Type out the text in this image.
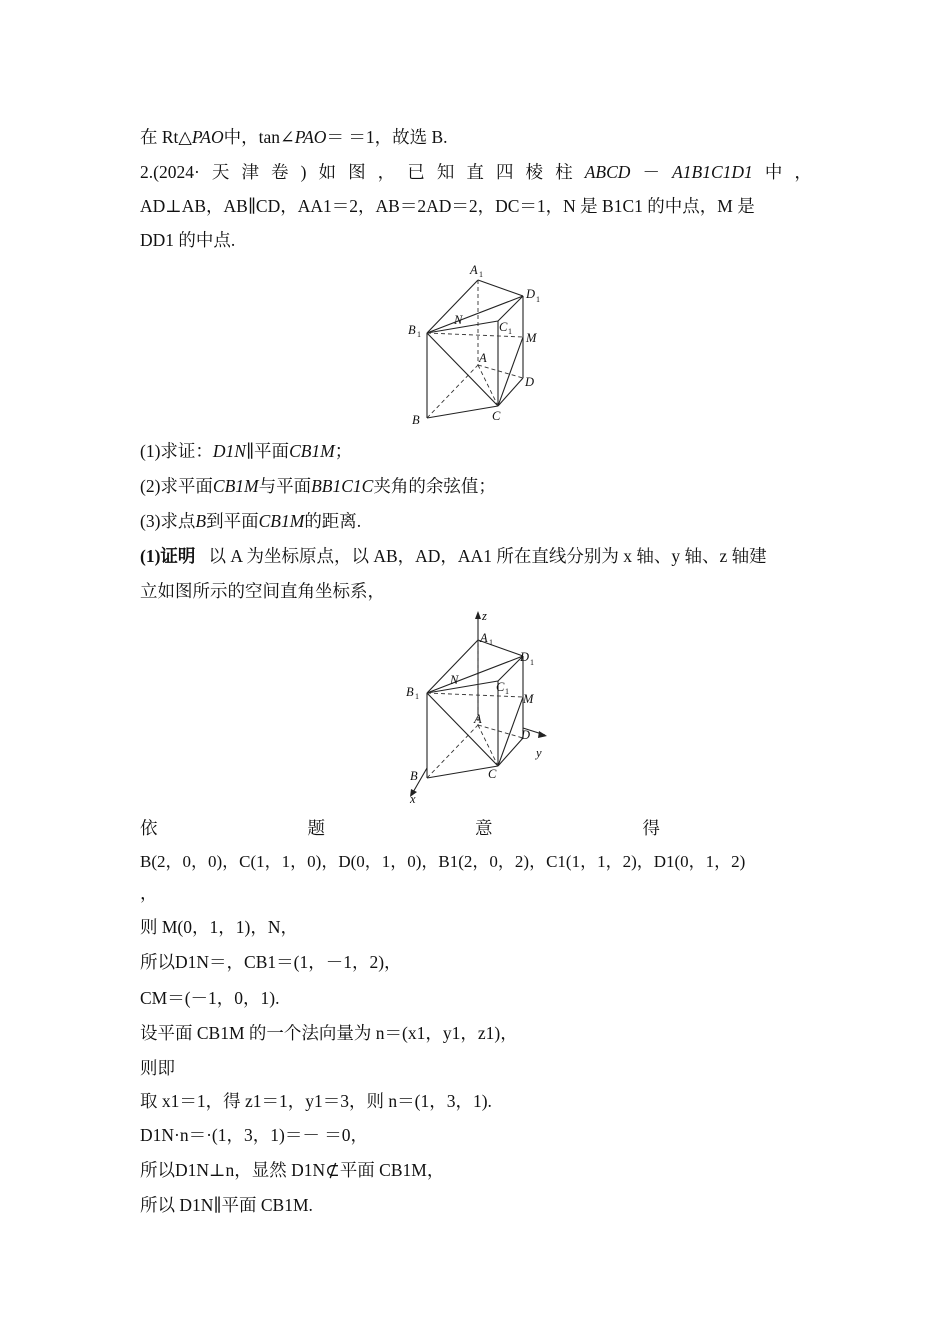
在 Rt△PAO中，tan∠PAO＝ ＝1，故选 B.
2.(2024· 天 津 卷 ) 如 图 ， 已 知 直 四 棱 柱 ABCD － A1B1C1D1 中 ，
AD⊥AB，AB∥CD，AA1＝2，AB＝2AD＝2，DC＝1，N 是 B1C1 的中点，M 是
DD1 的中点.
(1)求证：D1N∥平面CB1M；
(2)求平面CB1M与平面BB1C1C夹角的余弦值；
(3)求点B到平面CB1M的距离.
(1)证明 以 A 为坐标原点，以 AB，AD，AA1 所在直线分别为 x 轴、y 轴、z 轴建
立如图所示的空间直角坐标系，
依	题	意	得
B(2，0，0)，C(1，1，0)，D(0，1，0)，B1(2，0，2)，C1(1，1，2)，D1(0，1，2)
，
则 M(0，1，1)，N，
所以D1N＝，CB1＝(1，－1，2)，
CM＝(－1，0，1).
设平面 CB1M 的一个法向量为 n＝(x1，y1，z1)，
则即
取 x1＝1，得 z1＝1，y1＝3，则 n＝(1，3，1).
D1N·n＝·(1，3，1)＝－ ＝0，
所以D1N⊥n，显然 D1N⊄平面 CB1M，
所以 D1N∥平面 CB1M.
A 1
D 1
B 1
N	C 1 M
A
D
B	C
z
A 1
D 1
B 1
N	C 1
M
A
D
B	C
x
y
